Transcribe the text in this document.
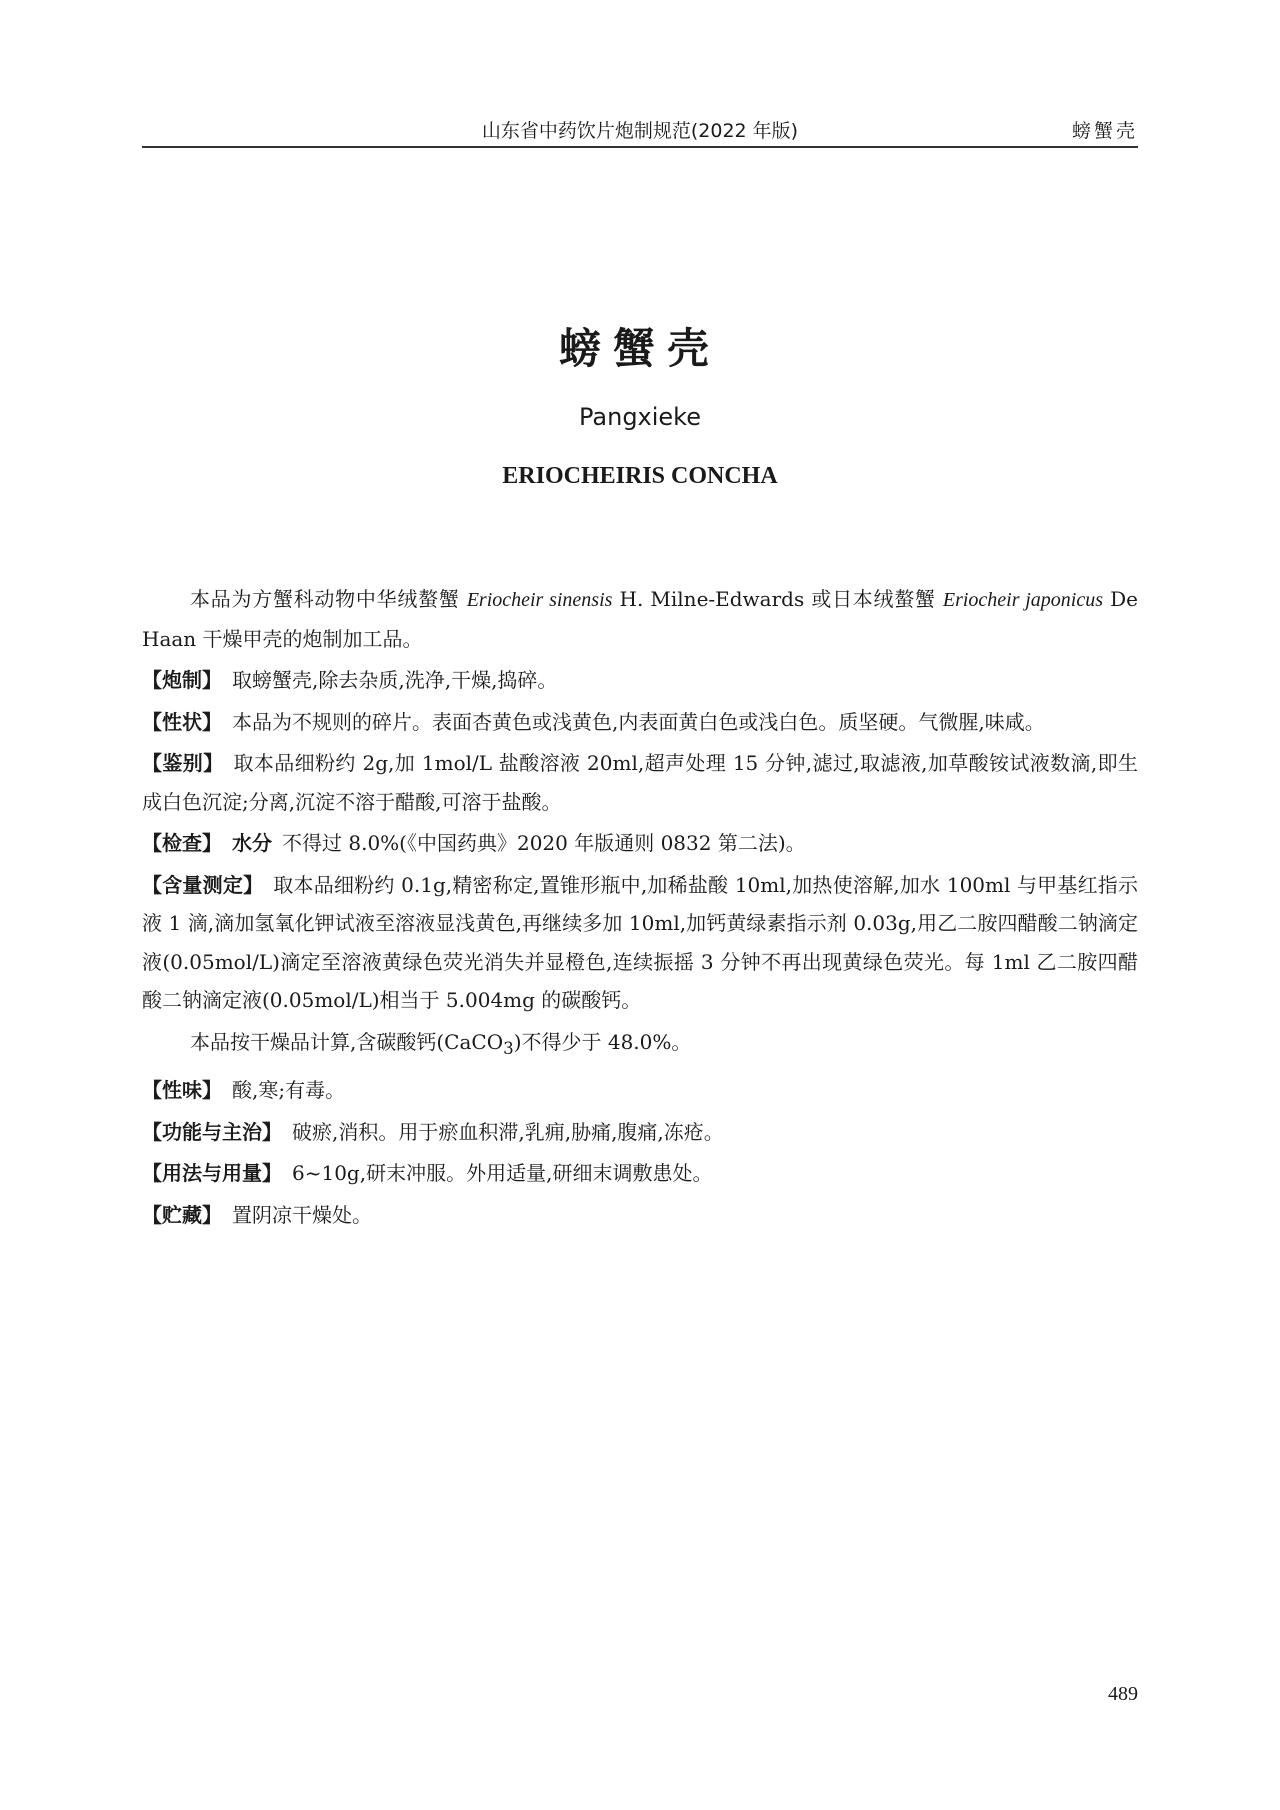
山东省中药饮片炮制规范(2022 年版)	螃蟹壳
螃蟹壳
Pangxieke
ERIOCHEIRIS CONCHA

本品为方蟹科动物中华绒螯蟹 Eriocheir sinensis H. Milne-Edwards 或日本绒螯蟹 Eriocheir japonicus De Haan 干燥甲壳的炮制加工品。

【炮制】 取螃蟹壳,除去杂质,洗净,干燥,捣碎。

【性状】 本品为不规则的碎片。表面杏黄色或浅黄色,内表面黄白色或浅白色。质坚硬。气微腥,味咸。

【鉴别】 取本品细粉约 2g,加 1mol/L 盐酸溶液 20ml,超声处理 15 分钟,滤过,取滤液,加草酸铵试液数滴,即生成白色沉淀;分离,沉淀不溶于醋酸,可溶于盐酸。

【检查】 水分 不得过 8.0%(《中国药典》2020 年版通则 0832 第二法)。

【含量测定】 取本品细粉约 0.1g,精密称定,置锥形瓶中,加稀盐酸 10ml,加热使溶解,加水 100ml 与甲基红指示液 1 滴,滴加氢氧化钾试液至溶液显浅黄色,再继续多加 10ml,加钙黄绿素指示剂 0.03g,用乙二胺四醋酸二钠滴定液(0.05mol/L)滴定至溶液黄绿色荧光消失并显橙色,连续振摇 3 分钟不再出现黄绿色荧光。每 1ml 乙二胺四醋酸二钠滴定液(0.05mol/L)相当于 5.004mg 的碳酸钙。

本品按干燥品计算,含碳酸钙(CaCO$_3$)不得少于 48.0%。

【性味】 酸,寒;有毒。

【功能与主治】 破瘀,消积。用于瘀血积滞,乳痈,胁痛,腹痛,冻疮。

【用法与用量】 6~10g,研末冲服。外用适量,研细末调敷患处。

【贮藏】 置阴凉干燥处。

489
